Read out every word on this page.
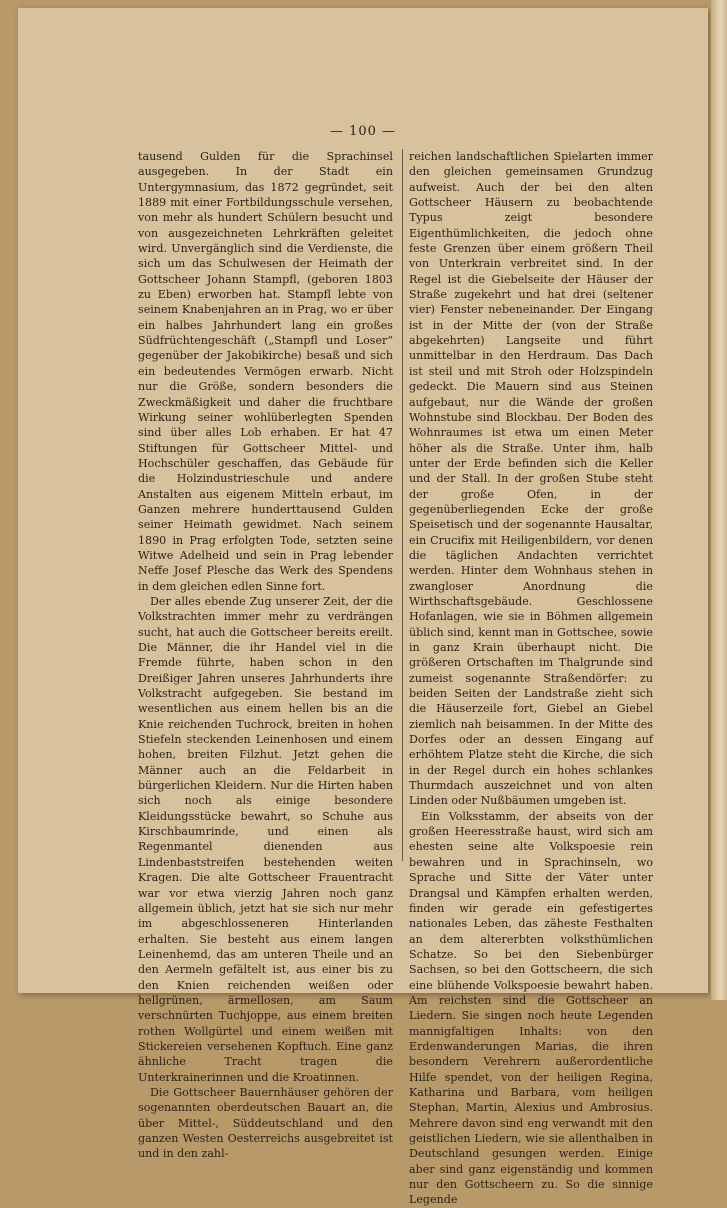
— 100 —

tausend Gulden für die Sprachinsel ausgegeben. In der Stadt ein Untergymnasium, das 1872 gegründet, seit 1889 mit einer Fortbildungsschule versehen, von mehr als hundert Schülern besucht und von ausgezeichneten Lehrkräften geleitet wird. Unvergänglich sind die Verdienste, die sich um das Schulwesen der Heimath der Gottscheer Johann Stampfl, (geboren 1803 zu Eben) erworben hat. Stampfl lebte von seinem Knabenjahren an in Prag, wo er über ein halbes Jahrhundert lang ein großes Südfrüchtengeschäft („Stampfl und Loser“ gegenüber der Jakobikirche) besaß und sich ein bedeutendes Vermögen erwarb. Nicht nur die Größe, sondern besonders die Zweckmäßigkeit und daher die fruchtbare Wirkung seiner wohlüberlegten Spenden sind über alles Lob erhaben. Er hat 47 Stiftungen für Gottscheer Mittel- und Hochschüler geschaffen, das Gebäude für die Holzindustrieschule und andere Anstalten aus eigenem Mitteln erbaut, im Ganzen mehrere hunderttausend Gulden seiner Heimath gewidmet. Nach seinem 1890 in Prag erfolgten Tode, setzten seine Witwe Adelheid und sein in Prag lebender Neffe Josef Plesche das Werk des Spendens in dem gleichen edlen Sinne fort.

Der alles ebende Zug unserer Zeit, der die Volkstrachten immer mehr zu verdrängen sucht, hat auch die Gottscheer bereits ereilt. Die Männer, die ihr Handel viel in die Fremde führte, haben schon in den Dreißiger Jahren unseres Jahrhunderts ihre Volkstracht aufgegeben. Sie bestand im wesentlichen aus einem hellen bis an die Knie reichenden Tuchrock, breiten in hohen Stiefeln steckenden Leinenhosen und einem hohen, breiten Filzhut. Jetzt gehen die Männer auch an die Feldarbeit in bürgerlichen Kleidern. Nur die Hirten haben sich noch als einige besondere Kleidungsstücke bewahrt, so Schuhe aus Kirschbaumrinde, und einen als Regenmantel dienenden aus Lindenbaststreifen bestehenden weiten Kragen. Die alte Gottscheer Frauentracht war vor etwa vierzig Jahren noch ganz allgemein üblich, jetzt hat sie sich nur mehr im abgeschlosseneren Hinterlanden erhalten. Sie besteht aus einem langen Leinenhemd, das am unteren Theile und an den Aermeln gefältelt ist, aus einer bis zu den Knien reichenden weißen oder hellgrünen, ärmellosen, am Saum verschnürten Tuchjoppe, aus einem breiten rothen Wollgürtel und einem weißen mit Stickereien versehenen Kopftuch. Eine ganz ähnliche Tracht tragen die Unterkrainerinnen und die Kroatinnen.

Die Gottscheer Bauernhäuser gehören der sogenannten oberdeutschen Bauart an, die über Mittel-, Süddeutschland und den ganzen Westen Oesterreichs ausgebreitet ist und in den zahl-

reichen landschaftlichen Spielarten immer den gleichen gemeinsamen Grundzug aufweist. Auch der bei den alten Gottscheer Häusern zu beobachtende Typus zeigt besondere Eigenthümlichkeiten, die jedoch ohne feste Grenzen über einem größern Theil von Unterkrain verbreitet sind. In der Regel ist die Giebelseite der Häuser der Straße zugekehrt und hat drei (seltener vier) Fenster nebeneinander. Der Eingang ist in der Mitte der (von der Straße abgekehrten) Langseite und führt unmittelbar in den Herdraum. Das Dach ist steil und mit Stroh oder Holzspindeln gedeckt. Die Mauern sind aus Steinen aufgebaut, nur die Wände der großen Wohnstube sind Blockbau. Der Boden des Wohnraumes ist etwa um einen Meter höher als die Straße. Unter ihm, halb unter der Erde befinden sich die Keller und der Stall. In der großen Stube steht der große Ofen, in der gegenüberliegenden Ecke der große Speisetisch und der sogenannte Hausaltar, ein Crucifix mit Heiligenbildern, vor denen die täglichen Andachten verrichtet werden. Hinter dem Wohnhaus stehen in zwangloser Anordnung die Wirthschaftsgebäude. Geschlossene Hofanlagen, wie sie in Böhmen allgemein üblich sind, kennt man in Gottschee, sowie in ganz Krain überhaupt nicht. Die größeren Ortschaften im Thalgrunde sind zumeist sogenannte Straßendörfer: zu beiden Seiten der Landstraße zieht sich die Häuserzeile fort, Giebel an Giebel ziemlich nah beisammen. In der Mitte des Dorfes oder an dessen Eingang auf erhöhtem Platze steht die Kirche, die sich in der Regel durch ein hohes schlankes Thurmdach auszeichnet und von alten Linden oder Nußbäumen umgeben ist.

Ein Volksstamm, der abseits von der großen Heeresstraße haust, wird sich am ehesten seine alte Volkspoesie rein bewahren und in Sprachinseln, wo Sprache und Sitte der Väter unter Drangsal und Kämpfen erhalten werden, finden wir gerade ein gefestigertes nationales Leben, das zäheste Festhalten an dem altererbten volksthümlichen Schatze. So bei den Siebenbürger Sachsen, so bei den Gottscheern, die sich eine blühende Volkspoesie bewahrt haben. Am reichsten sind die Gottscheer an Liedern. Sie singen noch heute Legenden mannigfaltigen Inhalts: von den Erdenwanderungen Marias, die ihren besondern Verehrern außerordentliche Hilfe spendet, von der heiligen Regina, Katharina und Barbara, vom heiligen Stephan, Martin, Alexius und Ambrosius. Mehrere davon sind eng verwandt mit den geistlichen Liedern, wie sie allenthalben in Deutschland gesungen werden. Einige aber sind ganz eigenständig und kommen nur den Gottscheern zu. So die sinnige Legende
